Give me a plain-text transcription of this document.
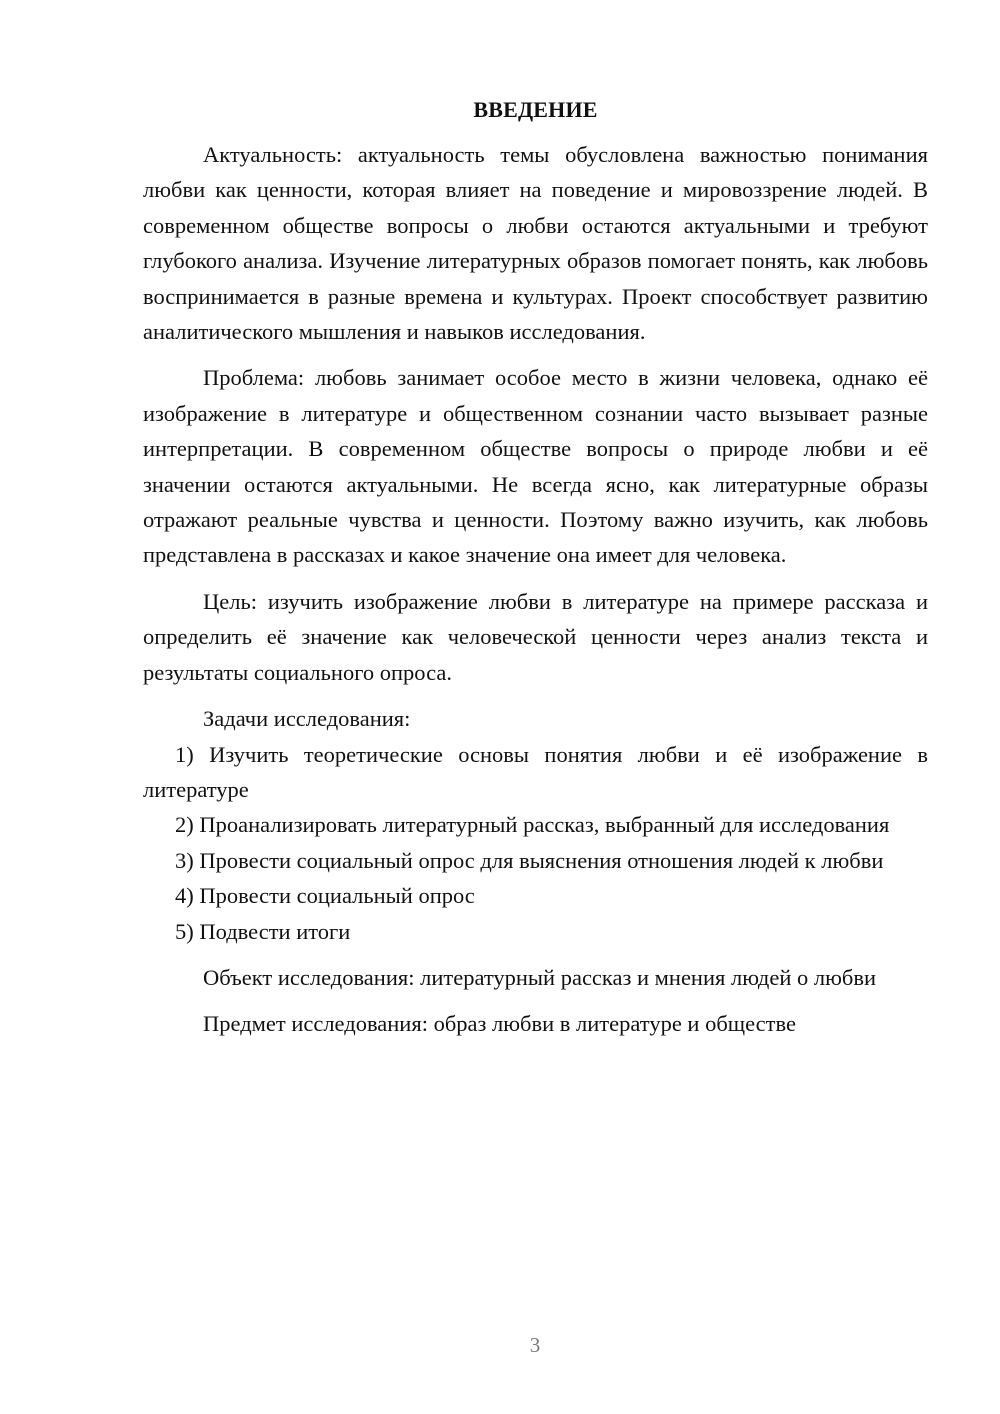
ВВЕДЕНИЕ

Актуальность: актуальность темы обусловлена важностью понимания любви как ценности, которая влияет на поведение и мировоззрение людей. В современном обществе вопросы о любви остаются актуальными и требуют глубокого анализа. Изучение литературных образов помогает понять, как любовь воспринимается в разные времена и культурах. Проект способствует развитию аналитического мышления и навыков исследования.

Проблема: любовь занимает особое место в жизни человека, однако её изображение в литературе и общественном сознании часто вызывает разные интерпретации. В современном обществе вопросы о природе любви и её значении остаются актуальными. Не всегда ясно, как литературные образы отражают реальные чувства и ценности. Поэтому важно изучить, как любовь представлена в рассказах и какое значение она имеет для человека.

Цель: изучить изображение любви в литературе на примере рассказа и определить её значение как человеческой ценности через анализ текста и результаты социального опроса.

Задачи исследования:

1) Изучить теоретические основы понятия любви и её изображение в литературе

2) Проанализировать литературный рассказ, выбранный для исследования

3) Провести социальный опрос для выяснения отношения людей к любви

4) Провести социальный опрос

5) Подвести итоги

Объект исследования: литературный рассказ и мнения людей о любви

Предмет исследования: образ любви в литературе и обществе

3
